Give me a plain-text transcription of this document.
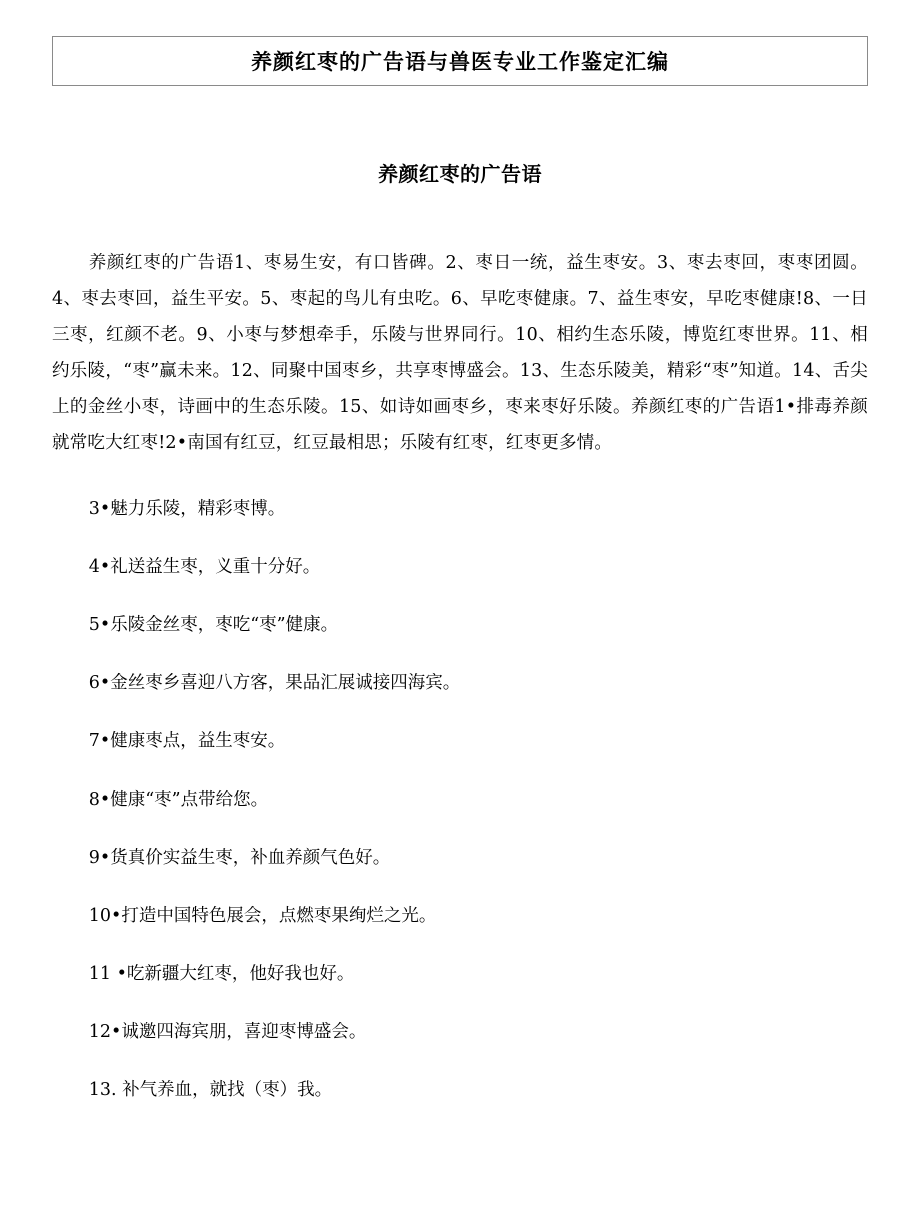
养颜红枣的广告语与兽医专业工作鉴定汇编
养颜红枣的广告语

养颜红枣的广告语1、枣易生安，有口皆碑。2、枣日一统，益生枣安。3、枣去枣回，枣枣团圆。4、枣去枣回，益生平安。5、枣起的鸟儿有虫吃。6、早吃枣健康。7、益生枣安，早吃枣健康!8、一日三枣，红颜不老。9、小枣与梦想牵手，乐陵与世界同行。10、相约生态乐陵，博览红枣世界。11、相约乐陵，“枣”赢未来。12、同聚中国枣乡，共享枣博盛会。13、生态乐陵美，精彩“枣”知道。14、舌尖上的金丝小枣，诗画中的生态乐陵。15、如诗如画枣乡，枣来枣好乐陵。养颜红枣的广告语1•排毒养颜就常吃大红枣!2•南国有红豆，红豆最相思；乐陵有红枣，红枣更多情。

3•魅力乐陵，精彩枣博。

4•礼送益生枣，义重十分好。

5•乐陵金丝枣，枣吃“枣”健康。

6•金丝枣乡喜迎八方客，果品汇展诚接四海宾。

7•健康枣点，益生枣安。

8•健康“枣”点带给您。

9•货真价实益生枣，补血养颜气色好。

10•打造中国特色展会，点燃枣果绚烂之光。

11 •吃新疆大红枣，他好我也好。

12•诚邀四海宾朋，喜迎枣博盛会。

13. 补气养血，就找（枣）我。
